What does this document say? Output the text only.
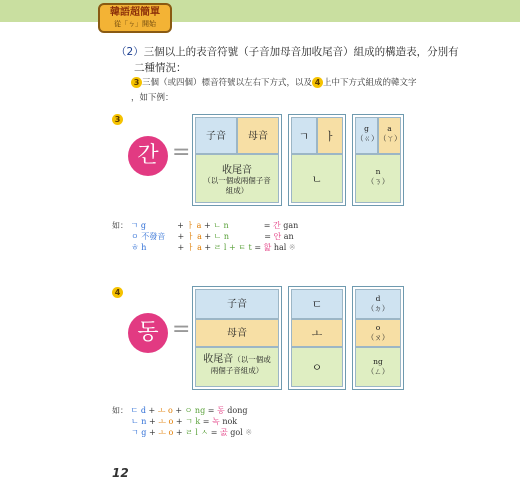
韓語超簡單
從「ㄅ」開始
（2）三個以上的表音符號（子音加母音加收尾音）組成的構造表，分別有
二種情況：
3 三個（或四個）標音符號以左右下方式，以及 4 上中下方式組成的韓文字
，如下例：
3
간 =
子音	母音
收尾音
（以一個或兩個子音
組成）
ㄱ	ㅏ
ㄴ
g
（ㄍ）
a
（ㄚ）
n
（ㄋ）
如： ㄱ g	+ ㅏ a + ㄴ n	= 간 gan
ㅇ 不發音 + ㅏ a + ㄴ n	= 안 an
ㅎ h	+ ㅏ a + ㄹ l + ㅌ t = 핥 hal ※
4
동 =
子音
母音
收尾音（以一個或
兩個子音組成）
ㄷ
ㅗ
ㅇ
d
（ㄉ）
o
（ㄡ）
ng
（ㄥ）
如： ㄷ d + ㅗ o + ㅇ ng = 동 dong
ㄴ n + ㅗ o + ㄱ k = 녹 nok
ㄱ g + ㅗ o + ㄹ l ㅅ = 곬 gol ※
12
